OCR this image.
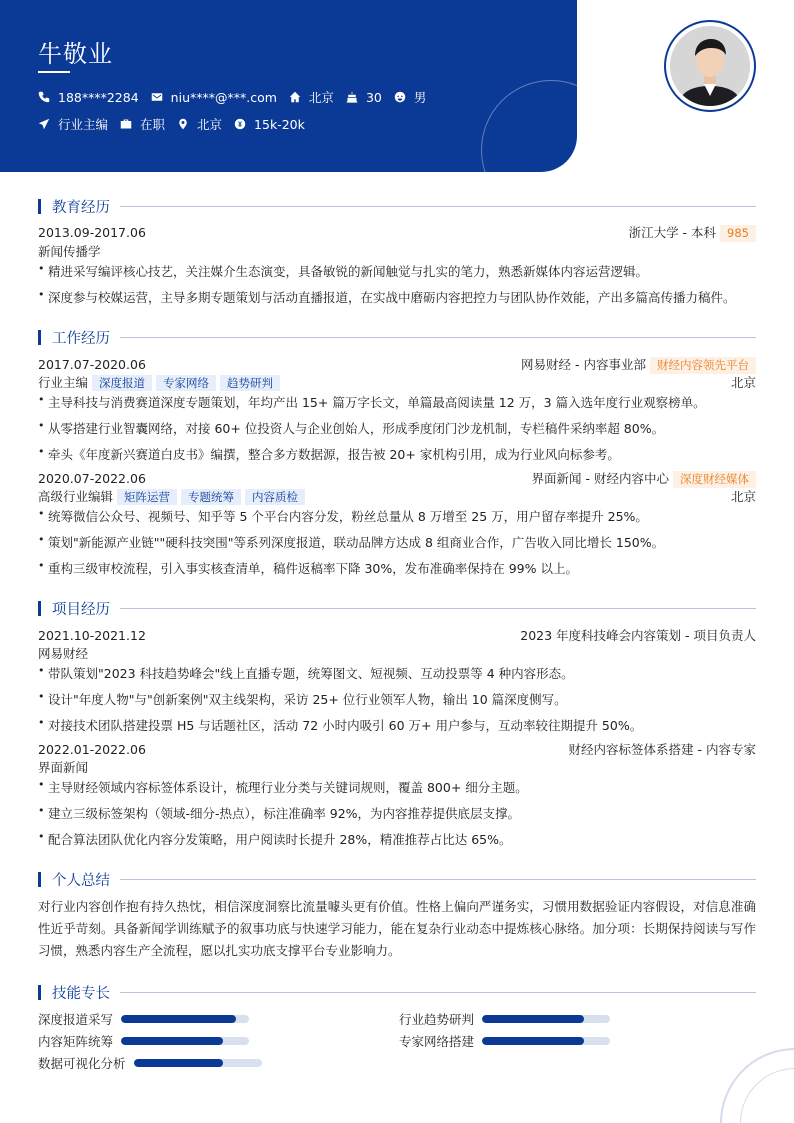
牛敬业
188****2284	niu****@***.com	北京	30	男
行业主编	在职	北京	15k-20k
教育经历
2013.09-2017.06	浙江大学 - 本科 985
新闻传播学
• 精进采写编评核心技艺，关注媒介生态演变，具备敏锐的新闻触觉与扎实的笔力，熟悉新媒体内容运营逻辑。
• 深度参与校媒运营，主导多期专题策划与活动直播报道，在实战中磨砺内容把控力与团队协作效能，产出多篇高传播力稿件。
工作经历
2017.07-2020.06	网易财经 - 内容事业部 财经内容领先平台
行业主编 深度报道 专家网络 趋势研判	北京
• 主导科技与消费赛道深度专题策划，年均产出 15+ 篇万字长文，单篇最高阅读量 12 万，3 篇入选年度行业观察榜单。
• 从零搭建行业智囊网络，对接 60+ 位投资人与企业创始人，形成季度闭门沙龙机制，专栏稿件采纳率超 80%。
• 牵头《年度新兴赛道白皮书》编撰，整合多方数据源，报告被 20+ 家机构引用，成为行业风向标参考。
2020.07-2022.06	界面新闻 - 财经内容中心 深度财经媒体
高级行业编辑 矩阵运营 专题统筹 内容质检	北京
• 统筹微信公众号、视频号、知乎等 5 个平台内容分发，粉丝总量从 8 万增至 25 万，用户留存率提升 25%。
• 策划"新能源产业链""硬科技突围"等系列深度报道，联动品牌方达成 8 组商业合作，广告收入同比增长 150%。
• 重构三级审校流程，引入事实核查清单，稿件返稿率下降 30%，发布准确率保持在 99% 以上。
项目经历
2021.10-2021.12	2023 年度科技峰会内容策划 - 项目负责人
网易财经
• 带队策划"2023 科技趋势峰会"线上直播专题，统筹图文、短视频、互动投票等 4 种内容形态。
• 设计"年度人物"与"创新案例"双主线架构，采访 25+ 位行业领军人物，输出 10 篇深度侧写。
• 对接技术团队搭建投票 H5 与话题社区，活动 72 小时内吸引 60 万+ 用户参与，互动率较往期提升 50%。
2022.01-2022.06	财经内容标签体系搭建 - 内容专家
界面新闻
• 主导财经领域内容标签体系设计，梳理行业分类与关键词规则，覆盖 800+ 细分主题。
• 建立三级标签架构（领域-细分-热点），标注准确率 92%，为内容推荐提供底层支撑。
• 配合算法团队优化内容分发策略，用户阅读时长提升 28%，精准推荐占比达 65%。
个人总结
对行业内容创作抱有持久热忱，相信深度洞察比流量噱头更有价值。性格上偏向严谨务实，习惯用数据验证内容假设，对信息准确性近乎苛刻。具备新闻学训练赋予的叙事功底与快速学习能力，能在复杂行业动态中提炼核心脉络。加分项：长期保持阅读与写作习惯，熟悉内容生产全流程，愿以扎实功底支撑平台专业影响力。
技能专长
深度报道采写	行业趋势研判
内容矩阵统筹	专家网络搭建
数据可视化分析
